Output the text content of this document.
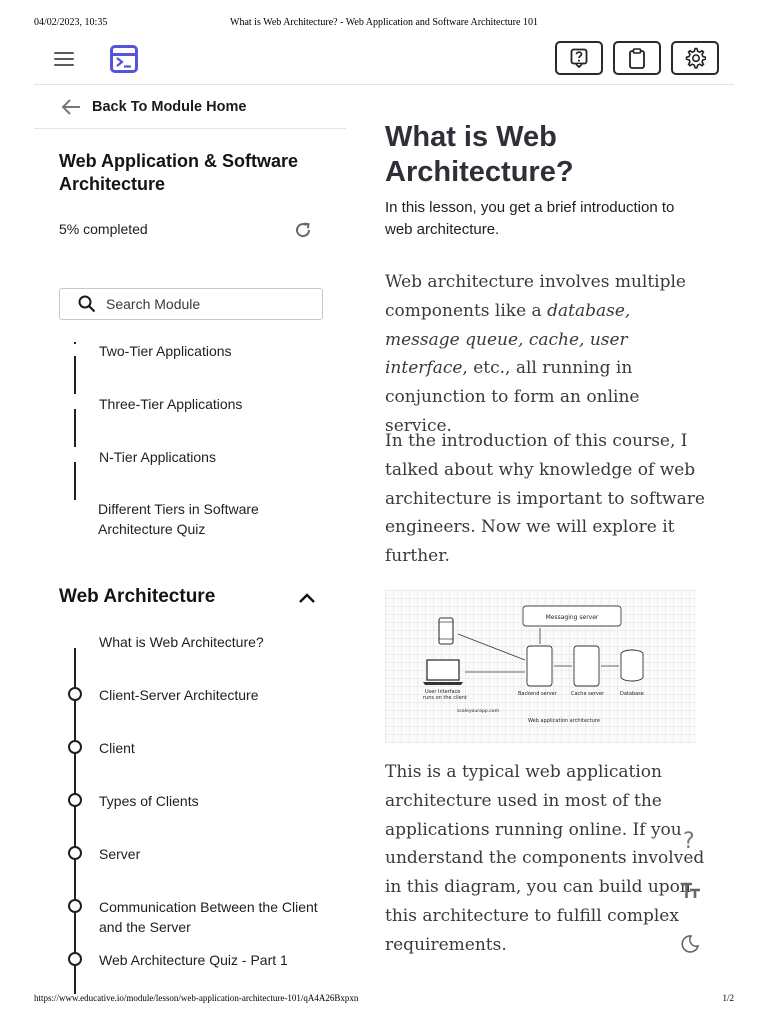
04/02/2023, 10:35	What is Web Architecture? - Web Application and Software Architecture 101
Back To Module Home
Web Application & Software Architecture
5% completed
Search Module
Two-Tier Applications
Three-Tier Applications
N-Tier Applications
Different Tiers in Software Architecture Quiz
Web Architecture
What is Web Architecture?
Client-Server Architecture
Client
Types of Clients
Server
Communication Between the Client and the Server
Web Architecture Quiz - Part 1
What is Web Architecture?
In this lesson, you get a brief introduction to web architecture.
Web architecture involves multiple components like a database, message queue, cache, user interface, etc., all running in conjunction to form an online service.
In the introduction of this course, I talked about why knowledge of web architecture is important to software engineers. Now we will explore it further.
Messaging server
User Interface
runs on the client
Backend server	Cache server	Database
scaleyourapp.com
Web application architecture
This is a typical web application architecture used in most of the applications running online. If you understand the components involved in this diagram, you can build upon this architecture to fulfill complex requirements.
?
https://www.educative.io/module/lesson/web-application-architecture-101/qA4A26Bxpxn	1/2
